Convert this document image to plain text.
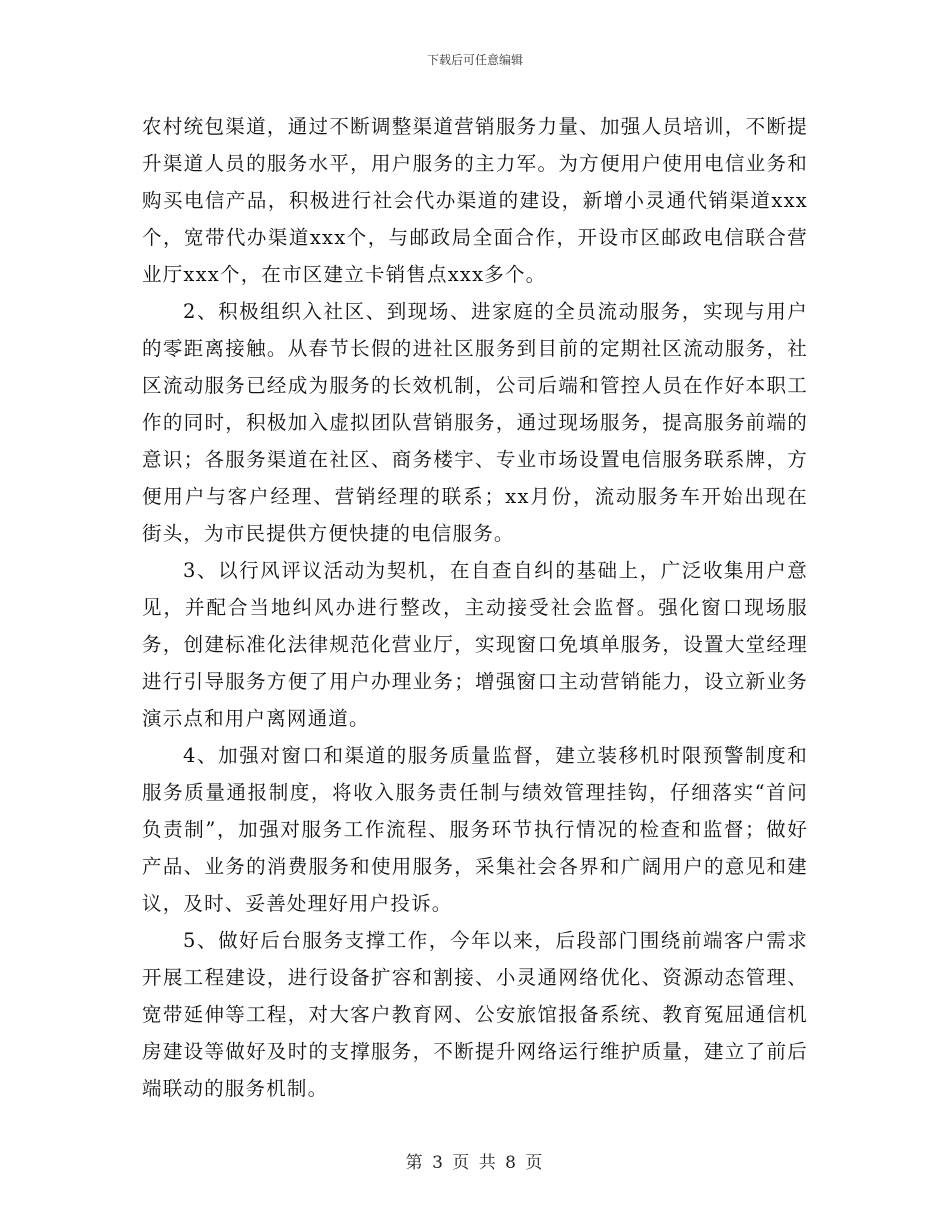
下载后可任意编辑

农村统包渠道，通过不断调整渠道营销服务力量、加强人员培训，不断提升渠道人员的服务水平，用户服务的主力军。为方便用户使用电信业务和购买电信产品，积极进行社会代办渠道的建设，新增小灵通代销渠道xxx个，宽带代办渠道xxx个，与邮政局全面合作，开设市区邮政电信联合营业厅xxx个，在市区建立卡销售点xxx多个。

2、积极组织入社区、到现场、进家庭的全员流动服务，实现与用户的零距离接触。从春节长假的进社区服务到目前的定期社区流动服务，社区流动服务已经成为服务的长效机制，公司后端和管控人员在作好本职工作的同时，积极加入虚拟团队营销服务，通过现场服务，提高服务前端的意识；各服务渠道在社区、商务楼宇、专业市场设置电信服务联系牌，方便用户与客户经理、营销经理的联系；xx月份，流动服务车开始出现在街头，为市民提供方便快捷的电信服务。

3、以行风评议活动为契机，在自查自纠的基础上，广泛收集用户意见，并配合当地纠风办进行整改，主动接受社会监督。强化窗口现场服务，创建标准化法律规范化营业厅，实现窗口免填单服务，设置大堂经理进行引导服务方便了用户办理业务；增强窗口主动营销能力，设立新业务演示点和用户离网通道。

4、加强对窗口和渠道的服务质量监督，建立装移机时限预警制度和服务质量通报制度，将收入服务责任制与绩效管理挂钩，仔细落实“首问负责制”，加强对服务工作流程、服务环节执行情况的检查和监督；做好产品、业务的消费服务和使用服务，采集社会各界和广阔用户的意见和建议，及时、妥善处理好用户投诉。

5、做好后台服务支撑工作，今年以来，后段部门围绕前端客户需求开展工程建设，进行设备扩容和割接、小灵通网络优化、资源动态管理、宽带延伸等工程，对大客户教育网、公安旅馆报备系统、教育冤屈通信机房建设等做好及时的支撑服务，不断提升网络运行维护质量，建立了前后端联动的服务机制。

第 3 页 共 8 页
